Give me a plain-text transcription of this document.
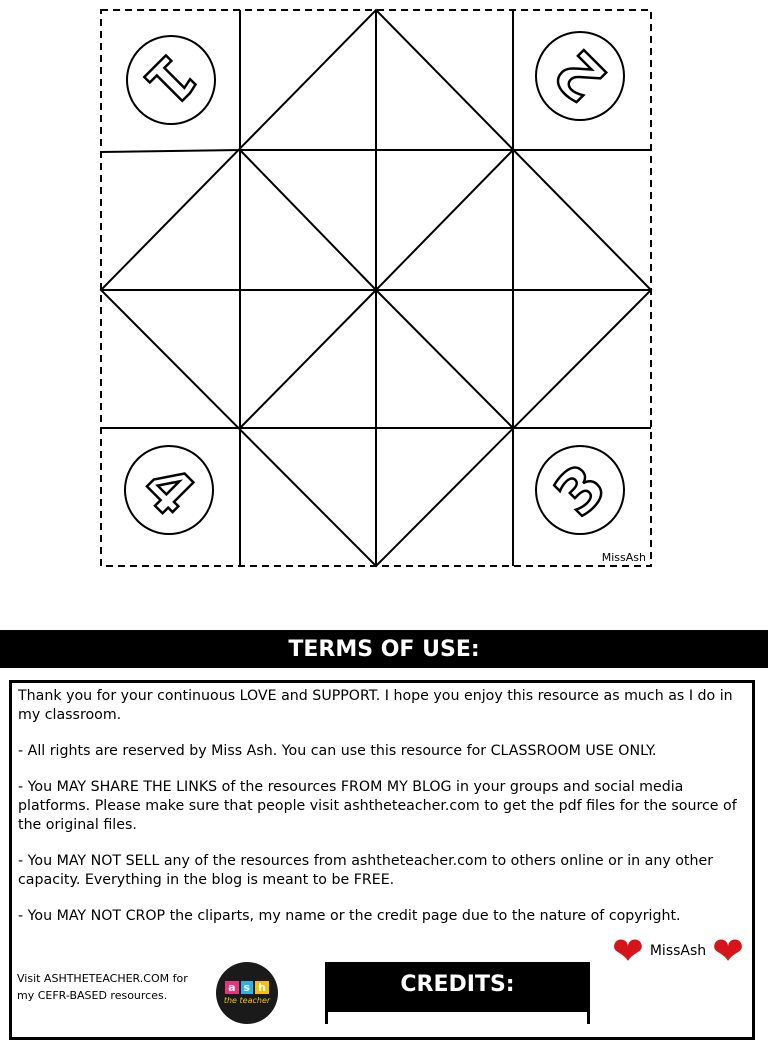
1	2
3
4
MissAsh
TERMS OF USE:

Thank you for your continuous LOVE and SUPPORT. I hope you enjoy this resource as much as I do in my classroom.

- All rights are reserved by Miss Ash. You can use this resource for CLASSROOM USE ONLY.

- You MAY SHARE THE LINKS of the resources FROM MY BLOG in your groups and social media platforms. Please make sure that people visit ashtheteacher.com to get the pdf files for the source of the original files.

- You MAY NOT SELL any of the resources from ashtheteacher.com to others online or in any other capacity. Everything in the blog is meant to be FREE.

- You MAY NOT CROP the cliparts, my name or the credit page due to the nature of copyright.

❤ MissAsh ❤
Visit ASHTHETEACHER.COM for my CEFR-BASED resources.
a s h
the teacher
CREDITS:
